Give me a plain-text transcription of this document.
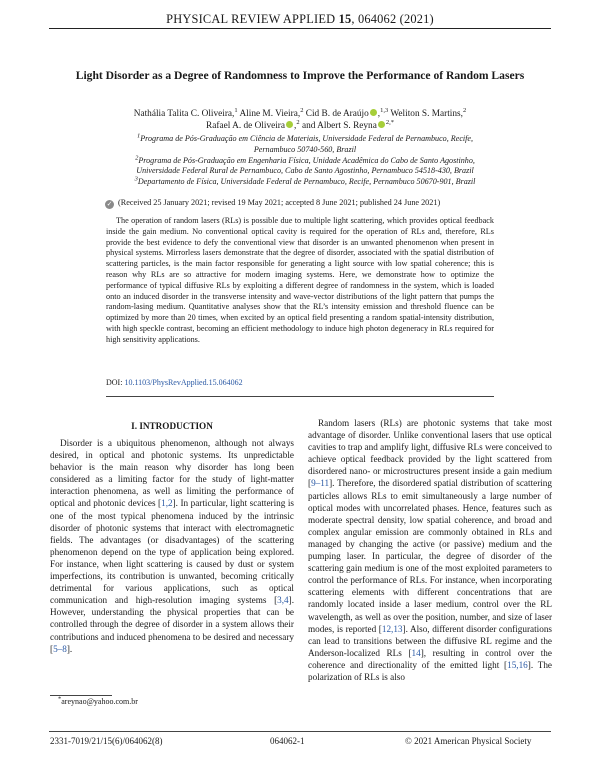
PHYSICAL REVIEW APPLIED 15, 064062 (2021)
Light Disorder as a Degree of Randomness to Improve the Performance of Random Lasers
Nathália Talita C. Oliveira,$^1$ Aline M. Vieira,$^2$ Cid B. de Araújo ,$^{1,3}$ Weliton S. Martins,$^2$
Rafael A. de Oliveira ,$^2$ and Albert S. Reyna $^{2,*}$
$^1$Programa de Pós-Graduação em Ciência de Materiais, Universidade Federal de Pernambuco, Recife,
Pernambuco 50740-560, Brazil
$^2$Programa de Pós-Graduação em Engenharia Física, Unidade Acadêmica do Cabo de Santo Agostinho,
Universidade Federal Rural de Pernambuco, Cabo de Santo Agostinho, Pernambuco 54518-430, Brazil
$^3$Departamento de Física, Universidade Federal de Pernambuco, Recife, Pernambuco 50670-901, Brazil
✓ (Received 25 January 2021; revised 19 May 2021; accepted 8 June 2021; published 24 June 2021)
The operation of random lasers (RLs) is possible due to multiple light scattering, which provides optical feedback inside the gain medium. No conventional optical cavity is required for the operation of RLs and, therefore, RLs provide the best evidence to defy the conventional view that disorder is an unwanted phenomenon when present in physical systems. Mirrorless lasers demonstrate that the degree of disorder, associated with the spatial distribution of scattering particles, is the main factor responsible for generating a light source with low spatial coherence; this is reason why RLs are so attractive for modern imaging systems. Here, we demonstrate how to optimize the performance of typical diffusive RLs by exploiting a different degree of randomness in the system, which is loaded onto an induced disorder in the transverse intensity and wave-vector distributions of the light pattern that pumps the random-lasing medium. Quantitative analyses show that the RL’s intensity emission and threshold fluence can be optimized by more than 20 times, when excited by an optical field presenting a random spatial-intensity distribution, with high speckle contrast, becoming an efficient methodology to induce high photon degeneracy in RLs required for high sensitivity applications.
DOI: 10.1103/PhysRevApplied.15.064062
I. INTRODUCTION
Disorder is a ubiquitous phenomenon, although not always desired, in optical and photonic systems. Its unpredictable behavior is the main reason why disorder has long been considered as a limiting factor for the study of light-matter interaction phenomena, as well as limiting the performance of optical and photonic devices [1,2]. In particular, light scattering is one of the most typical phenomena induced by the intrinsic disorder of photonic systems that interact with electromagnetic fields. The advantages (or disadvantages) of the scattering phenomenon depend on the type of application being explored. For instance, when light scattering is caused by dust or system imperfections, its contribution is unwanted, becoming critically detrimental for various applications, such as optical communication and high-resolution imaging systems [3,4]. However, understanding the physical properties that can be controlled through the degree of disorder in a system allows their contributions and induced phenomena to be desired and necessary [5–8].
Random lasers (RLs) are photonic systems that take most advantage of disorder. Unlike conventional lasers that use optical cavities to trap and amplify light, diffusive RLs were conceived to achieve optical feedback provided by the light scattered from disordered nano- or microstructures present inside a gain medium [9–11]. Therefore, the disordered spatial distribution of scattering particles allows RLs to emit simultaneously a large number of optical modes with uncorrelated phases. Hence, features such as moderate spectral density, low spatial coherence, and broad and complex angular emission are commonly obtained in RLs and managed by changing the active (or passive) medium and the pumping laser. In particular, the degree of disorder of the scattering gain medium is one of the most exploited parameters to control the performance of RLs. For instance, when incorporating scattering elements with different concentrations that are randomly located inside a laser medium, control over the RL wavelength, as well as over the position, number, and size of laser modes, is reported [12,13]. Also, different disorder configurations can lead to transitions between the diffusive RL regime and the Anderson-localized RLs [14], resulting in control over the coherence and directionality of the emitted light [15,16]. The polarization of RLs is also
*areynao@yahoo.com.br
2331-7019/21/15(6)/064062(8)	064062-1	© 2021 American Physical Society
